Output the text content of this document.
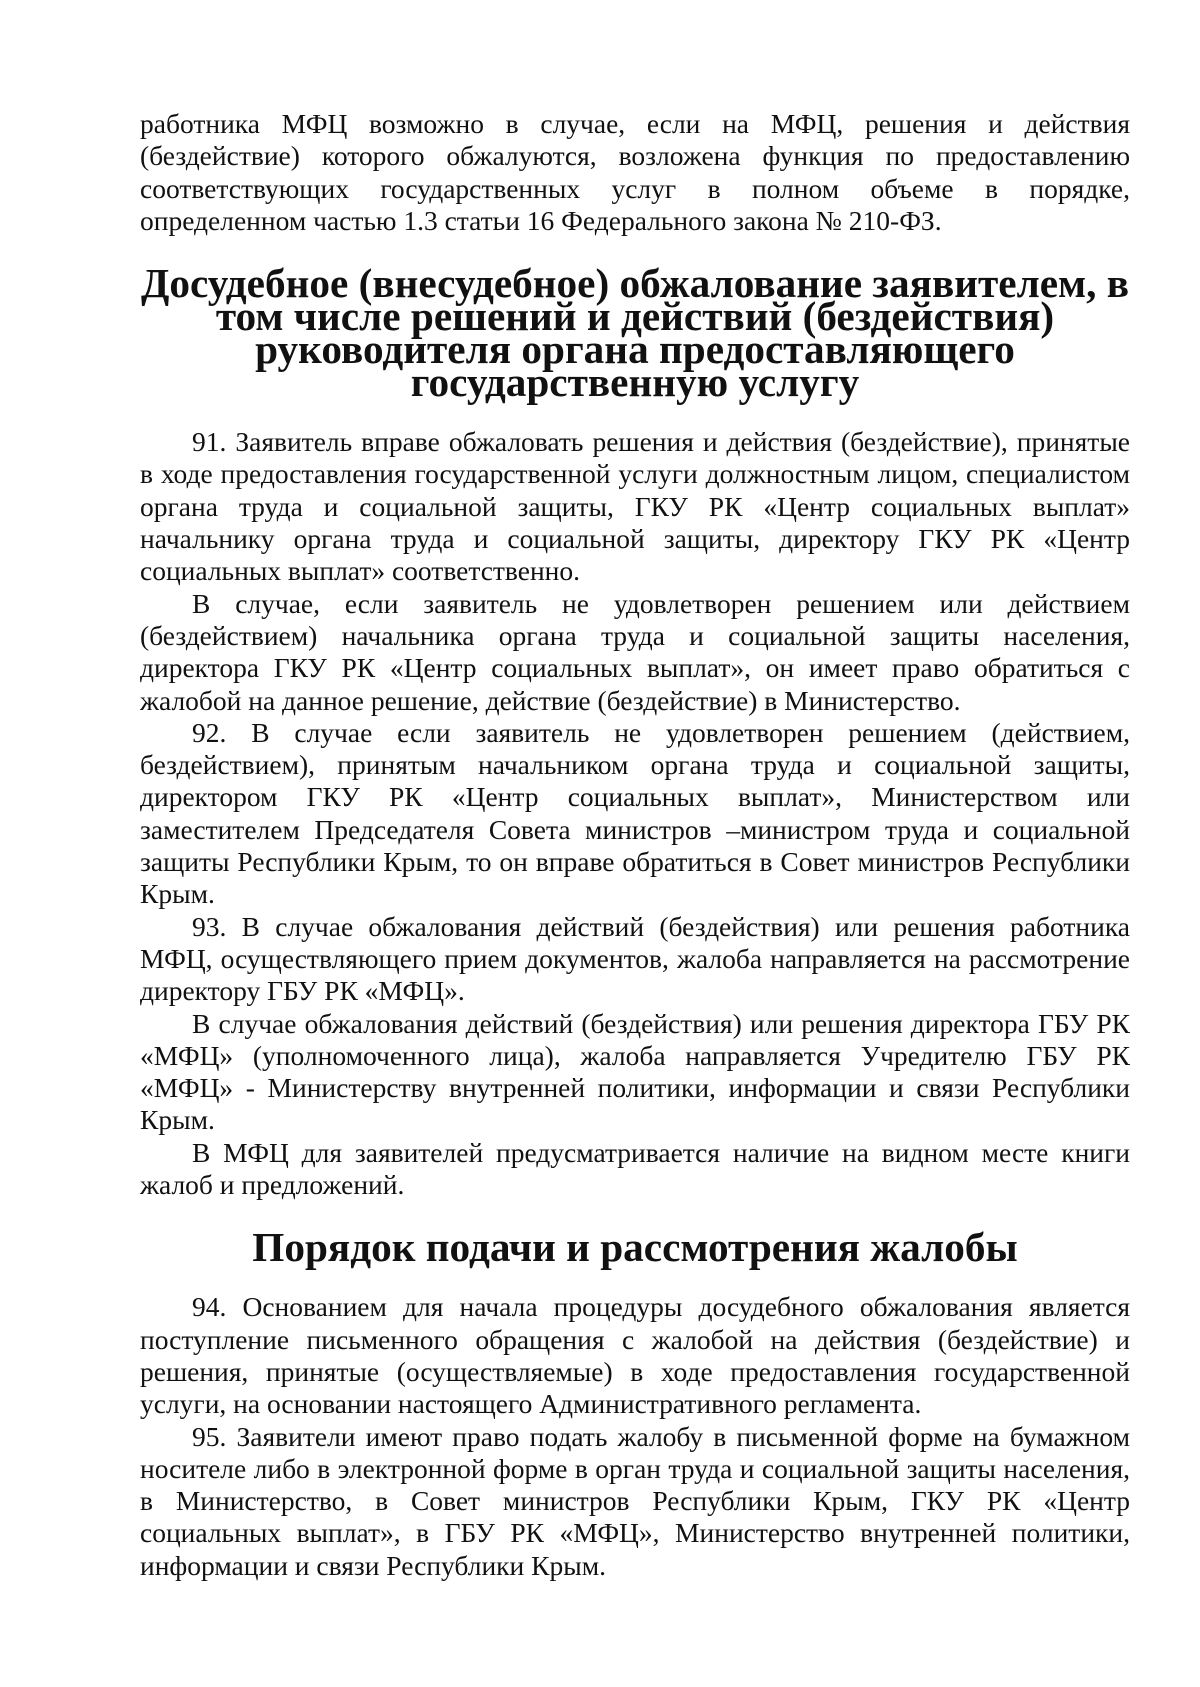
работника МФЦ возможно в случае, если на МФЦ, решения и действия (бездействие) которого обжалуются, возложена функция по предоставлению соответствующих государственных услуг в полном объеме в порядке, определенном частью 1.3 статьи 16 Федерального закона № 210-ФЗ.

Досудебное (внесудебное) обжалование заявителем, в том числе решений и действий (бездействия) руководителя органа предоставляющего государственную услугу

91. Заявитель вправе обжаловать решения и действия (бездействие), принятые в ходе предоставления государственной услуги должностным лицом, специалистом органа труда и социальной защиты, ГКУ РК «Центр социальных выплат» начальнику органа труда и социальной защиты, директору ГКУ РК «Центр социальных выплат» соответственно.

В случае, если заявитель не удовлетворен решением или действием (бездействием) начальника органа труда и социальной защиты населения, директора ГКУ РК «Центр социальных выплат», он имеет право обратиться с жалобой на данное решение, действие (бездействие) в Министерство.

92. В случае если заявитель не удовлетворен решением (действием, бездействием), принятым начальником органа труда и социальной защиты, директором ГКУ РК «Центр социальных выплат», Министерством или заместителем Председателя Совета министров –министром труда и социальной защиты Республики Крым, то он вправе обратиться в Совет министров Республики Крым.

93. В случае обжалования действий (бездействия) или решения работника МФЦ, осуществляющего прием документов, жалоба направляется на рассмотрение директору ГБУ РК «МФЦ».

В случае обжалования действий (бездействия) или решения директора ГБУ РК «МФЦ» (уполномоченного лица), жалоба направляется Учредителю ГБУ РК «МФЦ» - Министерству внутренней политики, информации и связи Республики Крым.

В МФЦ для заявителей предусматривается наличие на видном месте книги жалоб и предложений.

Порядок подачи и рассмотрения жалобы

94. Основанием для начала процедуры досудебного обжалования является поступление письменного обращения с жалобой на действия (бездействие) и решения, принятые (осуществляемые) в ходе предоставления государственной услуги, на основании настоящего Административного регламента.

95. Заявители имеют право подать жалобу в письменной форме на бумажном носителе либо в электронной форме в орган труда и социальной защиты населения, в Министерство, в Совет министров Республики Крым, ГКУ РК «Центр социальных выплат», в ГБУ РК «МФЦ», Министерство внутренней политики, информации и связи Республики Крым.
